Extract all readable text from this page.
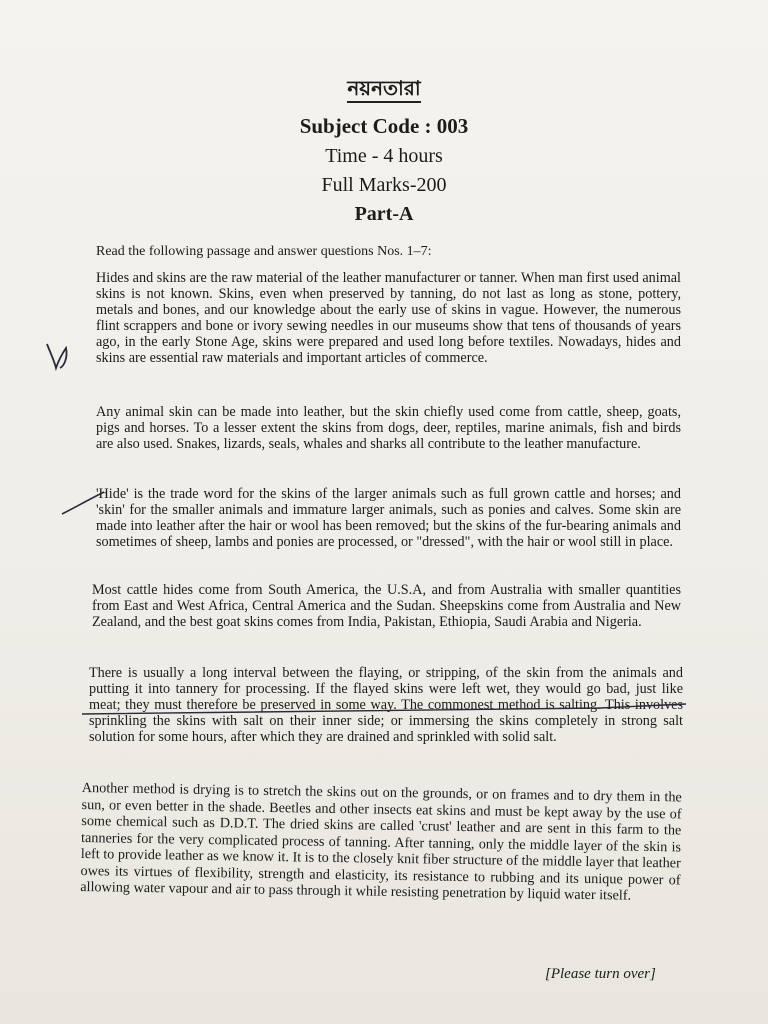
নয়নতারা
Subject Code : 003
Time - 4 hours
Full Marks-200
Part-A
Read the following passage and answer questions Nos. 1–7:

Hides and skins are the raw material of the leather manufacturer or tanner. When man first used animal skins is not known. Skins, even when preserved by tanning, do not last as long as stone, pottery, metals and bones, and our knowledge about the early use of skins in vague. However, the numerous flint scrappers and bone or ivory sewing needles in our museums show that tens of thousands of years ago, in the early Stone Age, skins were prepared and used long before textiles. Nowadays, hides and skins are essential raw materials and important articles of commerce.

Any animal skin can be made into leather, but the skin chiefly used come from cattle, sheep, goats, pigs and horses. To a lesser extent the skins from dogs, deer, reptiles, marine animals, fish and birds are also used. Snakes, lizards, seals, whales and sharks all contribute to the leather manufacture.

'Hide' is the trade word for the skins of the larger animals such as full grown cattle and horses; and 'skin' for the smaller animals and immature larger animals, such as ponies and calves. Some skin are made into leather after the hair or wool has been removed; but the skins of the fur-bearing animals and sometimes of sheep, lambs and ponies are processed, or "dressed", with the hair or wool still in place.

Most cattle hides come from South America, the U.S.A, and from Australia with smaller quantities from East and West Africa, Central America and the Sudan. Sheepskins come from Australia and New Zealand, and the best goat skins comes from India, Pakistan, Ethiopia, Saudi Arabia and Nigeria.

There is usually a long interval between the flaying, or stripping, of the skin from the animals and putting it into tannery for processing. If the flayed skins were left wet, they would go bad, just like meat; they must therefore be preserved in some way. The commonest method is salting. This involves sprinkling the skins with salt on their inner side; or immersing the skins completely in strong salt solution for some hours, after which they are drained and sprinkled with solid salt.

Another method is drying is to stretch the skins out on the grounds, or on frames and to dry them in the sun, or even better in the shade. Beetles and other insects eat skins and must be kept away by the use of some chemical such as D.D.T. The dried skins are called 'crust' leather and are sent in this farm to the tanneries for the very complicated process of tanning. After tanning, only the middle layer of the skin is left to provide leather as we know it. It is to the closely knit fiber structure of the middle layer that leather owes its virtues of flexibility, strength and elasticity, its resistance to rubbing and its unique power of allowing water vapour and air to pass through it while resisting penetration by liquid water itself.

[Please turn over]
